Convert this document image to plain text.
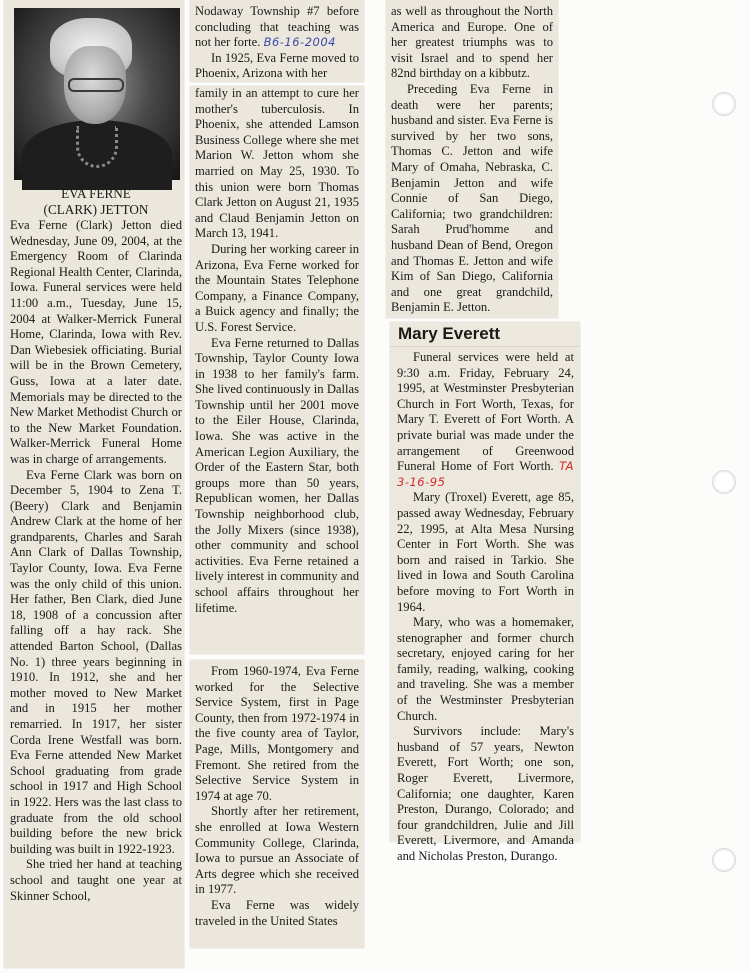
EVA FERNE
(CLARK) JETTON

Eva Ferne (Clark) Jetton died Wednesday, June 09, 2004, at the Emergency Room of Clarinda Regional Health Center, Clarinda, Iowa. Funeral services were held 11:00 a.m., Tuesday, June 15, 2004 at Walker-Merrick Funeral Home, Clarinda, Iowa with Rev. Dan Wiebesiek officiating. Burial will be in the Brown Cemetery, Guss, Iowa at a later date. Memorials may be directed to the New Market Methodist Church or to the New Market Foundation. Walker-Merrick Funeral Home was in charge of arrangements.

Eva Ferne Clark was born on December 5, 1904 to Zena T. (Beery) Clark and Benjamin Andrew Clark at the home of her grandparents, Charles and Sarah Ann Clark of Dallas Township, Taylor County, Iowa. Eva Ferne was the only child of this union. Her father, Ben Clark, died June 18, 1908 of a concussion after falling off a hay rack. She attended Barton School, (Dallas No. 1) three years beginning in 1910. In 1912, she and her mother moved to New Market and in 1915 her mother remarried. In 1917, her sister Corda Irene Westfall was born. Eva Ferne attended New Market School graduating from grade school in 1917 and High School in 1922. Hers was the last class to graduate from the old school building before the new brick building was built in 1922-1923.

She tried her hand at teaching school and taught one year at Skinner School,

Nodaway Township #7 before concluding that teaching was not her forte. B6-16-2004

In 1925, Eva Ferne moved to Phoenix, Arizona with her

family in an attempt to cure her mother's tuberculosis. In Phoenix, she attended Lamson Business College where she met Marion W. Jetton whom she married on May 25, 1930. To this union were born Thomas Clark Jetton on August 21, 1935 and Claud Benjamin Jetton on March 13, 1941.

During her working career in Arizona, Eva Ferne worked for the Mountain States Telephone Company, a Finance Company, a Buick agency and finally; the U.S. Forest Service.

Eva Ferne returned to Dallas Township, Taylor County Iowa in 1938 to her family's farm. She lived continuously in Dallas Township until her 2001 move to the Eiler House, Clarinda, Iowa. She was active in the American Legion Auxiliary, the Order of the Eastern Star, both groups more than 50 years, Republican women, her Dallas Township neighborhood club, the Jolly Mixers (since 1938), other community and school activities. Eva Ferne retained a lively interest in community and school affairs throughout her lifetime.

From 1960-1974, Eva Ferne worked for the Selective Service System, first in Page County, then from 1972-1974 in the five county area of Taylor, Page, Mills, Montgomery and Fremont. She retired from the Selective Service System in 1974 at age 70.

Shortly after her retirement, she enrolled at Iowa Western Community College, Clarinda, Iowa to pursue an Associate of Arts degree which she received in 1977.

Eva Ferne was widely traveled in the United States

as well as throughout the North America and Europe. One of her greatest triumphs was to visit Israel and to spend her 82nd birthday on a kibbutz.

Preceding Eva Ferne in death were her parents; husband and sister. Eva Ferne is survived by her two sons, Thomas C. Jetton and wife Mary of Omaha, Nebraska, C. Benjamin Jetton and wife Connie of San Diego, California; two grandchildren: Sarah Prud'homme and husband Dean of Bend, Oregon and Thomas E. Jetton and wife Kim of San Diego, California and one great grandchild, Benjamin E. Jetton.

Mary Everett

Funeral services were held at 9:30 a.m. Friday, February 24, 1995, at Westminster Presbyterian Church in Fort Worth, Texas, for Mary T. Everett of Fort Worth. A private burial was made under the arrangement of Greenwood Funeral Home of Fort Worth. TA 3-16-95

Mary (Troxel) Everett, age 85, passed away Wednesday, February 22, 1995, at Alta Mesa Nursing Center in Fort Worth. She was born and raised in Tarkio. She lived in Iowa and South Carolina before moving to Fort Worth in 1964.

Mary, who was a homemaker, stenographer and former church secretary, enjoyed caring for her family, reading, walking, cooking and traveling. She was a member of the Westminster Presbyterian Church.

Survivors include: Mary's husband of 57 years, Newton Everett, Fort Worth; one son, Roger Everett, Livermore, California; one daughter, Karen Preston, Durango, Colorado; and four grandchildren, Julie and Jill Everett, Livermore, and Amanda and Nicholas Preston, Durango.
